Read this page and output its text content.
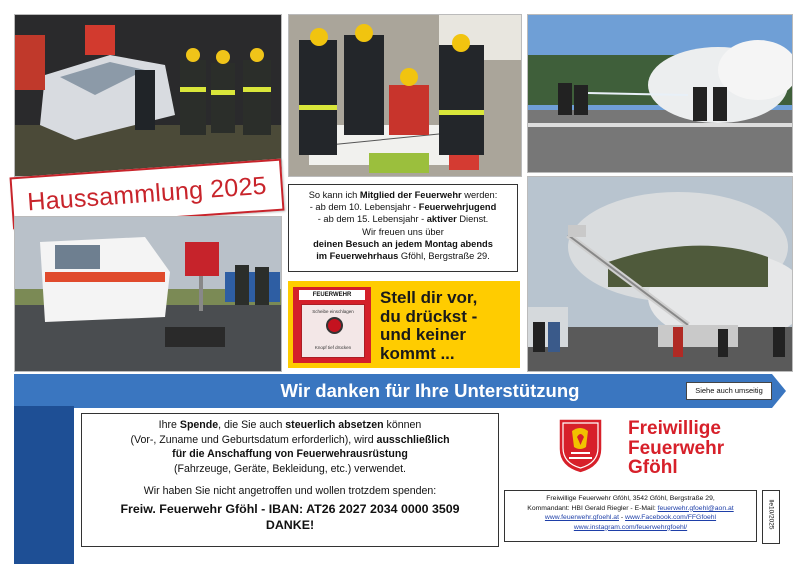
Haussammlung 2025	So kann ich Mitglied der Feuerwehr werden:
- ab dem 10. Lebensjahr - Feuerwehrjugend
- ab dem 15. Lebensjahr - aktiver Dienst.
Wir freuen uns über
deinen Besuch an jedem Montag abends
im Feuerwehrhaus Gföhl, Bergstraße 29.
FEUERWEHR
Scheibe einschlagen
Knopf tief drücken
Stell dir vor,
du drückst -
und keiner
kommt ...
Wir danken für Ihre Unterstützung	Siehe auch umseitig
Ihre Spende, die Sie auch steuerlich absetzen können
(Vor-, Zuname und Geburtsdatum erforderlich), wird ausschließlich
für die Anschaffung von Feuerwehrausrüstung
(Fahrzeuge, Geräte, Bekleidung, etc.) verwendet.
Wir haben Sie nicht angetroffen und wollen trotzdem spenden:
Freiw. Feuerwehr Gföhl - IBAN: AT26 2027 2034 0000 3509
DANKE!
Freiwillige
Feuerwehr
Gföhl
Freiwillige Feuerwehr Gföhl, 3542 Gföhl, Bergstraße 29,
Kommandant: HBI Gerald Riegler - E-Mail: feuerwehr.gfoehl@aon.at
www.feuerwehr.gfoehl.at - www.Facebook.com/FFGfoehl
www.instagram.com/feuerwehrgfoehl/	lle10/2025
